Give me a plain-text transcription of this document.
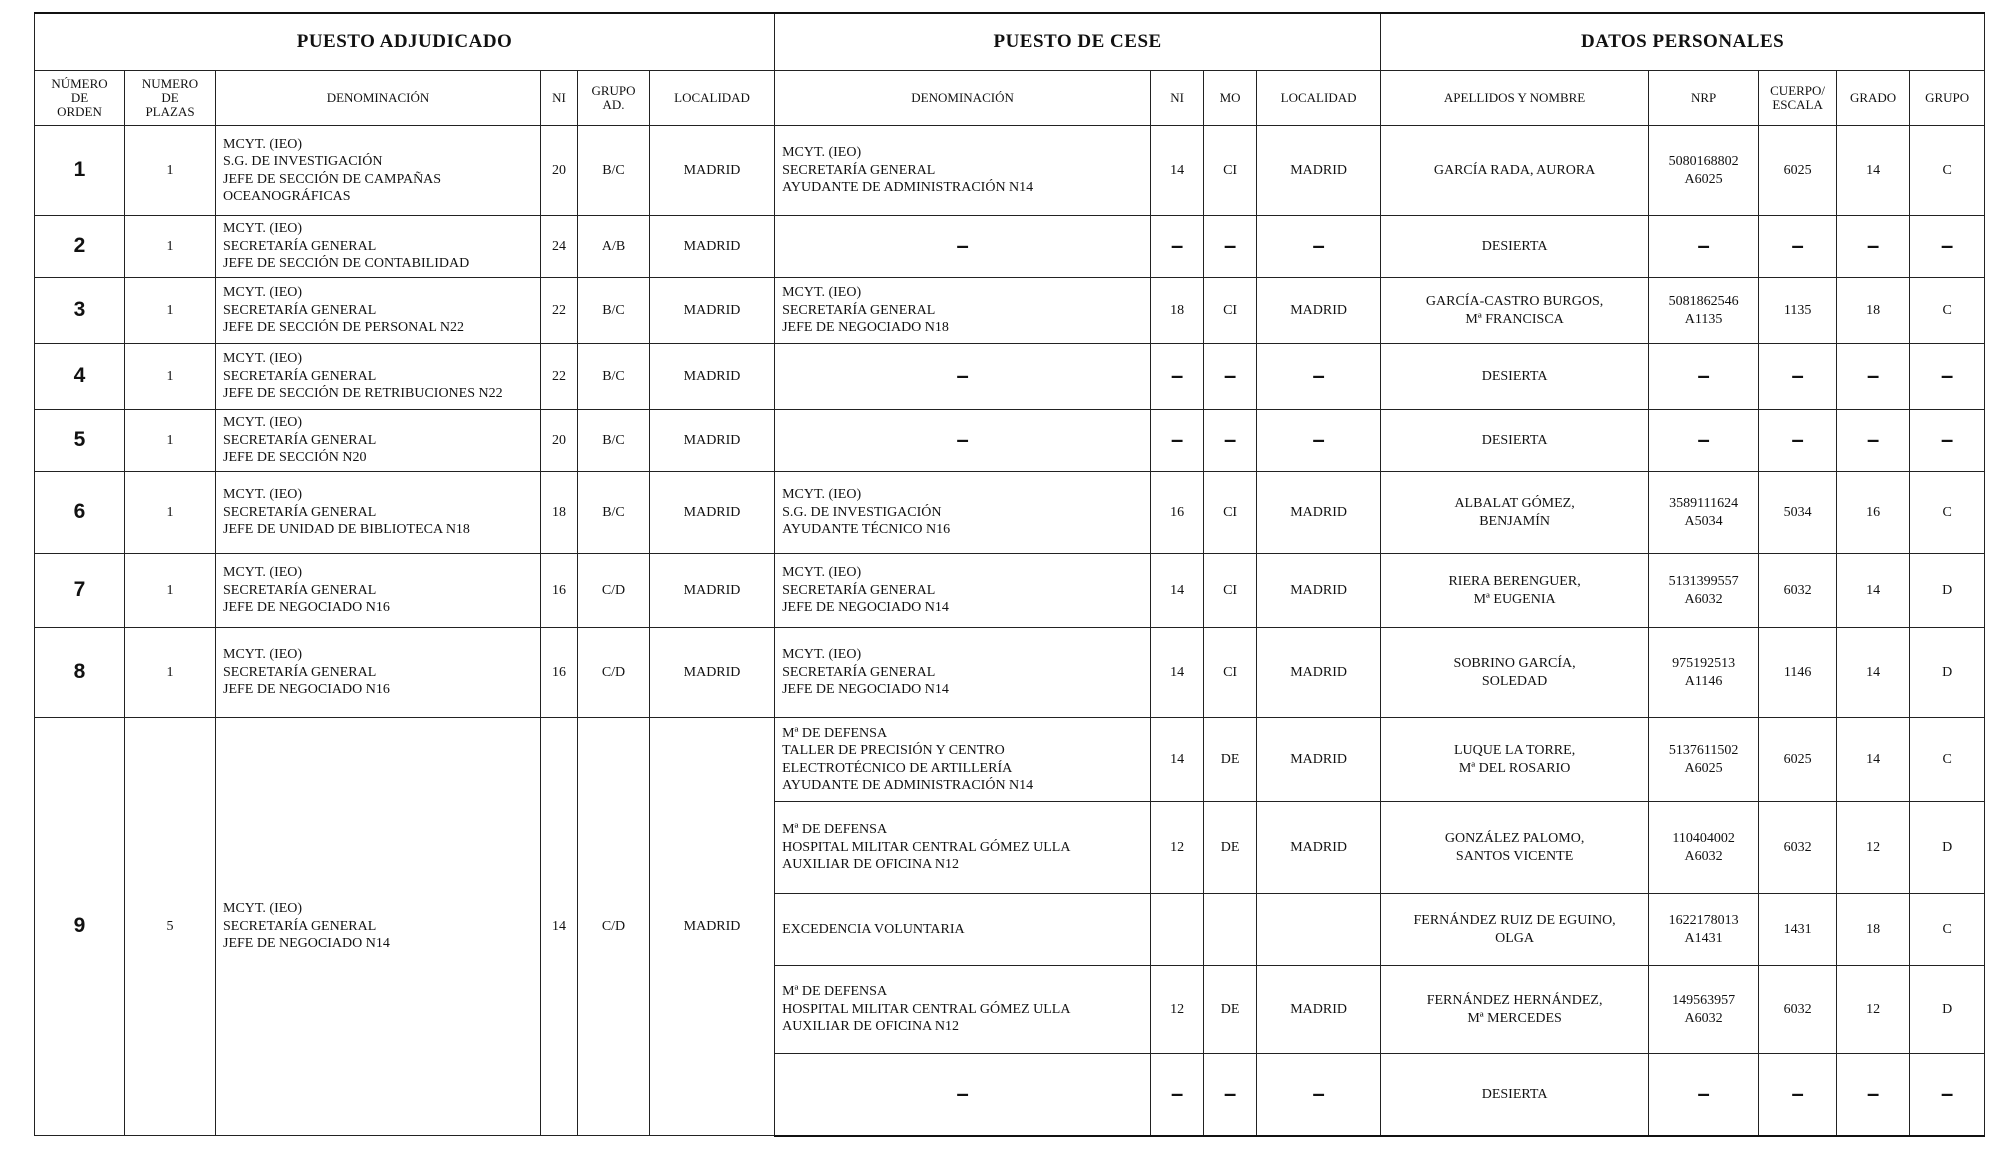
PUESTO ADJUDICADO						PUESTO DE CESE				DATOS PERSONALES				

NÚMERO
DE
ORDEN	NUMERO
DE
PLAZAS	DENOMINACIÓN	NI	GRUPO
AD.	LOCALIDAD	DENOMINACIÓN	NI	MO	LOCALIDAD	APELLIDOS Y NOMBRE	NRP	CUERPO/
ESCALA	GRADO	GRUPO
1	1	MCYT. (IEO)
S.G. DE INVESTIGACIÓN
JEFE DE SECCIÓN DE CAMPAÑAS
OCEANOGRÁFICAS	20	B/C	MADRID	MCYT. (IEO)
SECRETARÍA GENERAL
AYUDANTE DE ADMINISTRACIÓN N14	14	CI	MADRID	GARCÍA RADA, AURORA	5080168802
A6025	6025	14	C
2	1	MCYT. (IEO)
SECRETARÍA GENERAL
JEFE DE SECCIÓN DE CONTABILIDAD	24	A/B	MADRID	–	–	–	–	DESIERTA	–	–	–	–
3	1	MCYT. (IEO)
SECRETARÍA GENERAL
JEFE DE SECCIÓN DE PERSONAL N22	22	B/C	MADRID	MCYT. (IEO)
SECRETARÍA GENERAL
JEFE DE NEGOCIADO N18	18	CI	MADRID	GARCÍA-CASTRO BURGOS,
Mª FRANCISCA	5081862546
A1135	1135	18	C
4	1	MCYT. (IEO)
SECRETARÍA GENERAL
JEFE DE SECCIÓN DE RETRIBUCIONES N22	22	B/C	MADRID	–	–	–	–	DESIERTA	–	–	–	–
5	1	MCYT. (IEO)
SECRETARÍA GENERAL
JEFE DE SECCIÓN N20	20	B/C	MADRID	–	–	–	–	DESIERTA	–	–	–	–
6	1	MCYT. (IEO)
SECRETARÍA GENERAL
JEFE DE UNIDAD DE BIBLIOTECA N18	18	B/C	MADRID	MCYT. (IEO)
S.G. DE INVESTIGACIÓN
AYUDANTE TÉCNICO N16	16	CI	MADRID	ALBALAT GÓMEZ,
BENJAMÍN	3589111624
A5034	5034	16	C
7	1	MCYT. (IEO)
SECRETARÍA GENERAL
JEFE DE NEGOCIADO N16	16	C/D	MADRID	MCYT. (IEO)
SECRETARÍA GENERAL
JEFE DE NEGOCIADO N14	14	CI	MADRID	RIERA BERENGUER,
Mª EUGENIA	5131399557
A6032	6032	14	D
8	1	MCYT. (IEO)
SECRETARÍA GENERAL
JEFE DE NEGOCIADO N16	16	C/D	MADRID	MCYT. (IEO)
SECRETARÍA GENERAL
JEFE DE NEGOCIADO N14	14	CI	MADRID	SOBRINO GARCÍA,
SOLEDAD	975192513
A1146	1146	14	D
9	5	MCYT. (IEO)
SECRETARÍA GENERAL
JEFE DE NEGOCIADO N14	14	C/D	MADRID	Mª DE DEFENSA
TALLER DE PRECISIÓN Y CENTRO
ELECTROTÉCNICO DE ARTILLERÍA
AYUDANTE DE ADMINISTRACIÓN N14	14	DE	MADRID	LUQUE LA TORRE,
Mª DEL ROSARIO	5137611502
A6025	6025	14	C

						Mª DE DEFENSA
HOSPITAL MILITAR CENTRAL GÓMEZ ULLA
AUXILIAR DE OFICINA N12	12	DE	MADRID	GONZÁLEZ PALOMO,
SANTOS VICENTE	110404002
A6032	6032	12	D

						EXCEDENCIA VOLUNTARIA				FERNÁNDEZ RUIZ DE EGUINO,
OLGA	1622178013
A1431	1431	18	C

						Mª DE DEFENSA
HOSPITAL MILITAR CENTRAL GÓMEZ ULLA
AUXILIAR DE OFICINA N12	12	DE	MADRID	FERNÁNDEZ HERNÁNDEZ,
Mª MERCEDES	149563957
A6032	6032	12	D
						–	–	–	–	DESIERTA	–	–	–	–
